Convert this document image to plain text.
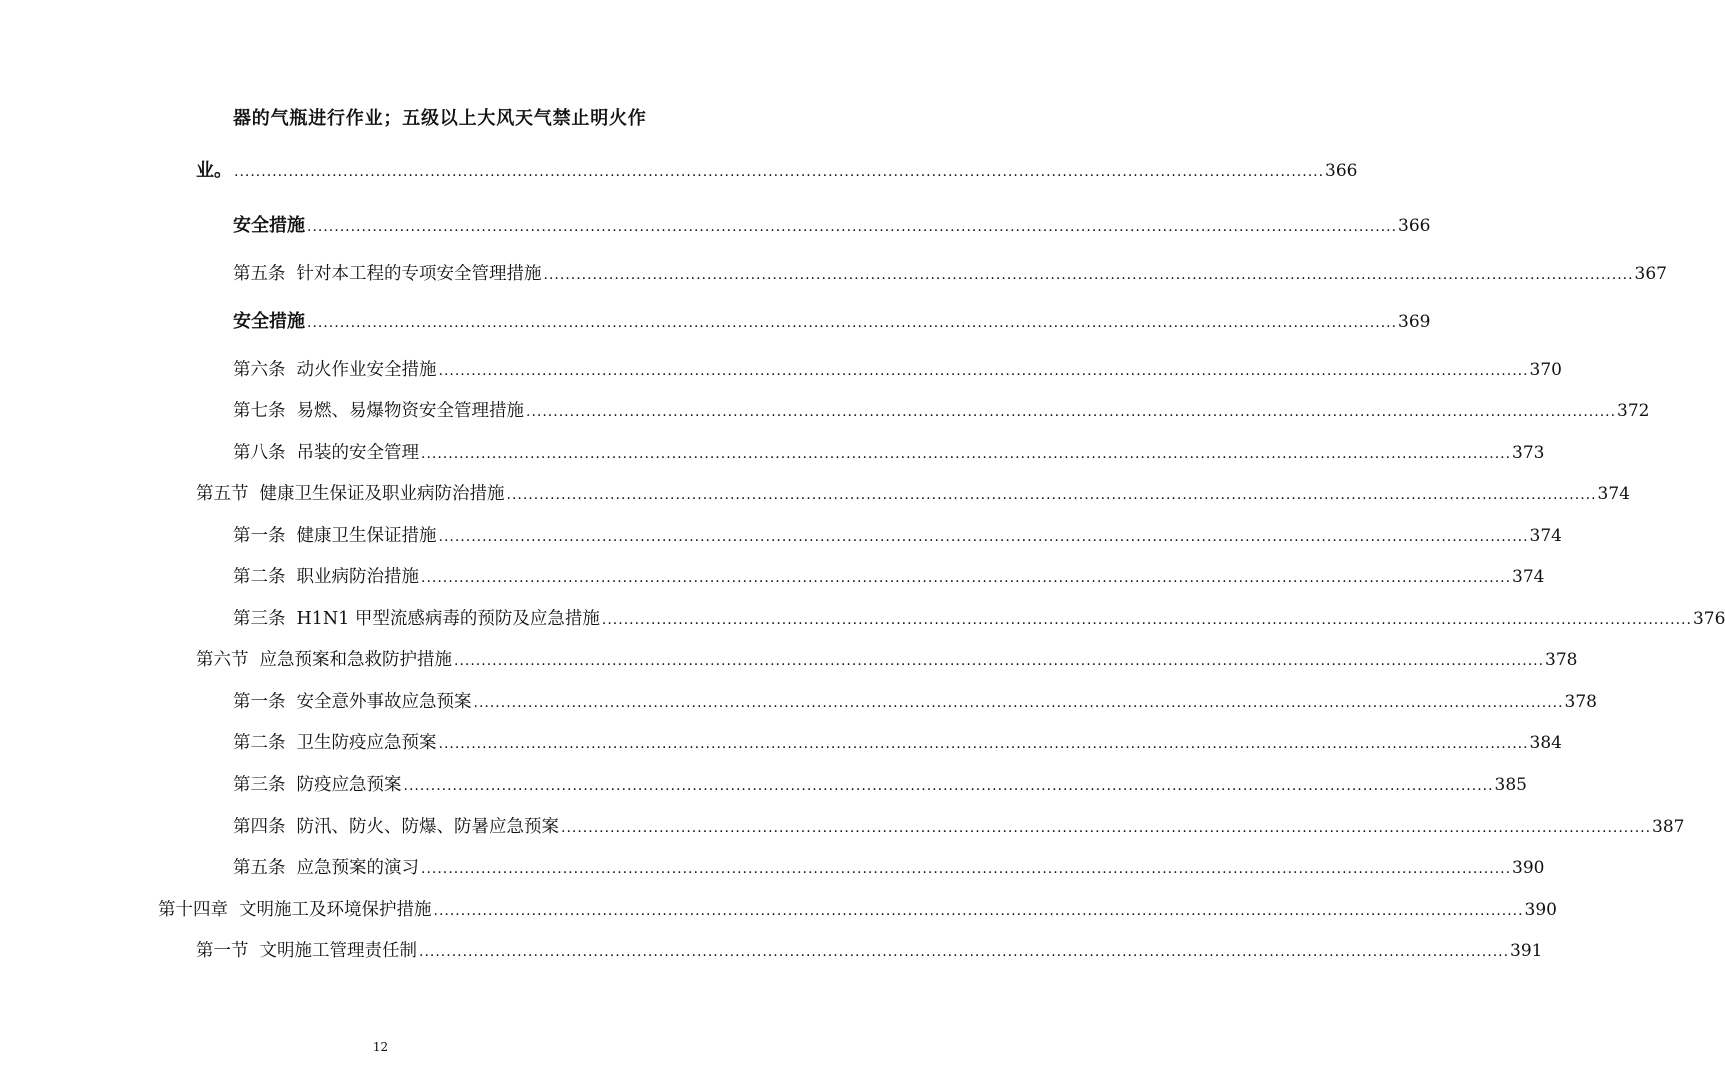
器的气瓶进行作业；五级以上大风天气禁止明火作
业。 ........................................................................................................................................................................................................ 366
安全措施 ........................................................................................................................................................................................................ 366
第五条 针对本工程的专项安全管理措施 ........................................................................................................................................................................................................ 367
安全措施 ........................................................................................................................................................................................................ 369
第六条 动火作业安全措施 ........................................................................................................................................................................................................ 370
第七条 易燃、易爆物资安全管理措施 ........................................................................................................................................................................................................ 372
第八条 吊装的安全管理 ........................................................................................................................................................................................................ 373
第五节 健康卫生保证及职业病防治措施 ........................................................................................................................................................................................................ 374
第一条 健康卫生保证措施 ........................................................................................................................................................................................................ 374
第二条 职业病防治措施 ........................................................................................................................................................................................................ 374
第三条 H1N1 甲型流感病毒的预防及应急措施 ........................................................................................................................................................................................................ 376
第六节 应急预案和急救防护措施 ........................................................................................................................................................................................................ 378
第一条 安全意外事故应急预案 ........................................................................................................................................................................................................ 378
第二条 卫生防疫应急预案 ........................................................................................................................................................................................................ 384
第三条 防疫应急预案 ........................................................................................................................................................................................................ 385
第四条 防汛、防火、防爆、防暑应急预案 ........................................................................................................................................................................................................ 387
第五条 应急预案的演习 ........................................................................................................................................................................................................ 390
第十四章 文明施工及环境保护措施 ........................................................................................................................................................................................................ 390
第一节 文明施工管理责任制 ........................................................................................................................................................................................................ 391
12
